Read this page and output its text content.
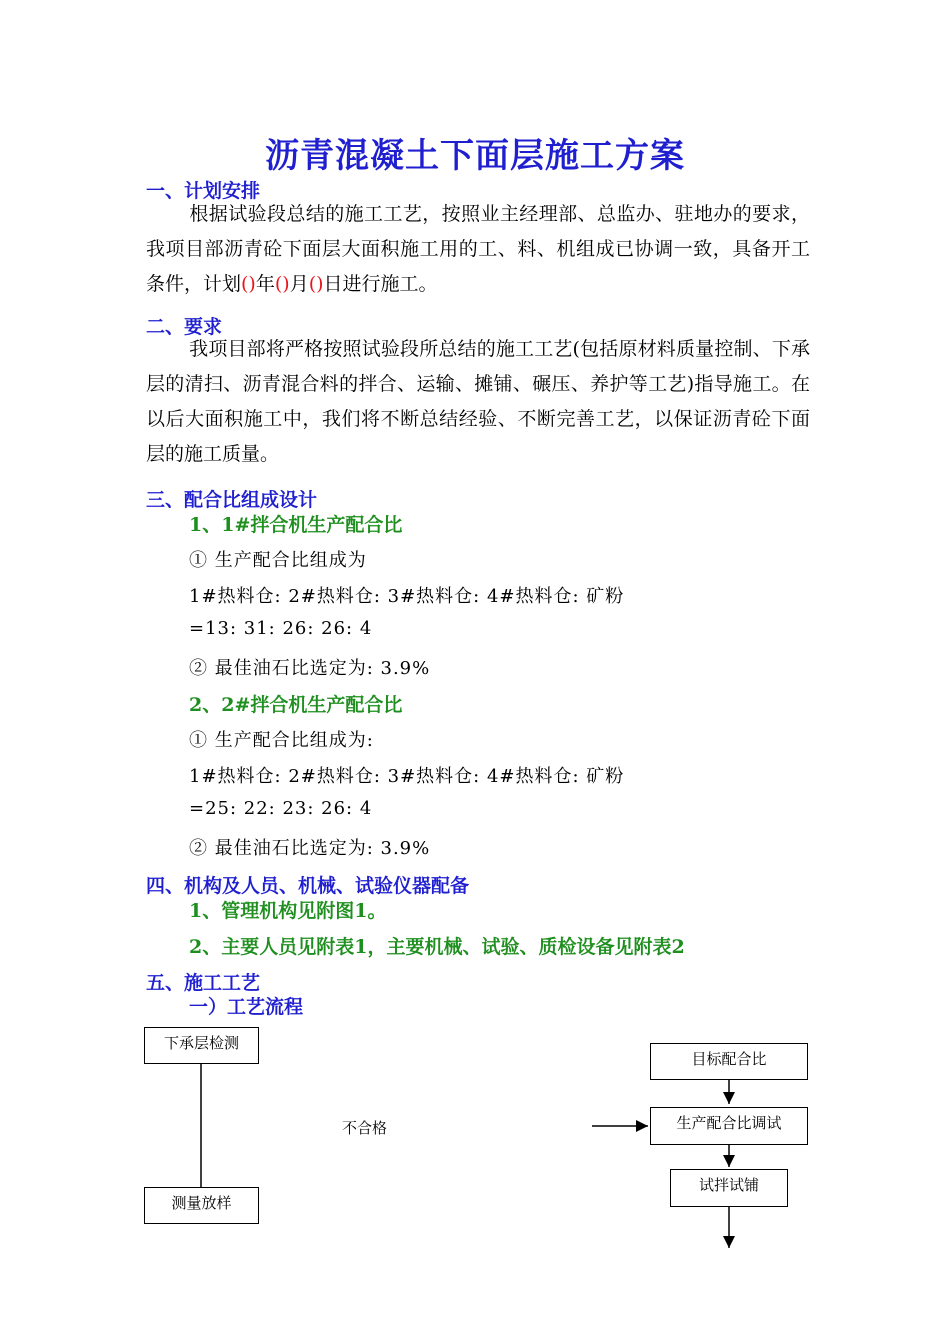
沥青混凝土下面层施工方案
一、计划安排
根据试验段总结的施工工艺，按照业主经理部、总监办、驻地办的要求，我项目部沥青砼下面层大面积施工用的工、料、机组成已协调一致，具备开工条件，计划()年()月()日进行施工。
二、要求
我项目部将严格按照试验段所总结的施工工艺(包括原材料质量控制、下承层的清扫、沥青混合料的拌合、运输、摊铺、碾压、养护等工艺)指导施工。在以后大面积施工中，我们将不断总结经验、不断完善工艺，以保证沥青砼下面层的施工质量。
三、配合比组成设计
1、1#拌合机生产配合比
① 生产配合比组成为
1#热料仓: 2#热料仓: 3#热料仓: 4#热料仓: 矿粉
=13: 31: 26: 26: 4
② 最佳油石比选定为: 3.9%
2、2#拌合机生产配合比
① 生产配合比组成为:
1#热料仓: 2#热料仓: 3#热料仓: 4#热料仓: 矿粉
=25: 22: 23: 26: 4
② 最佳油石比选定为: 3.9%
四、机构及人员、机械、试验仪器配备
1、管理机构见附图1。
2、主要人员见附表1，主要机械、试验、质检设备见附表2
五、施工工艺
一）工艺流程
下承层检测
测量放样
不合格
目标配合比
生产配合比调试
试拌试铺
